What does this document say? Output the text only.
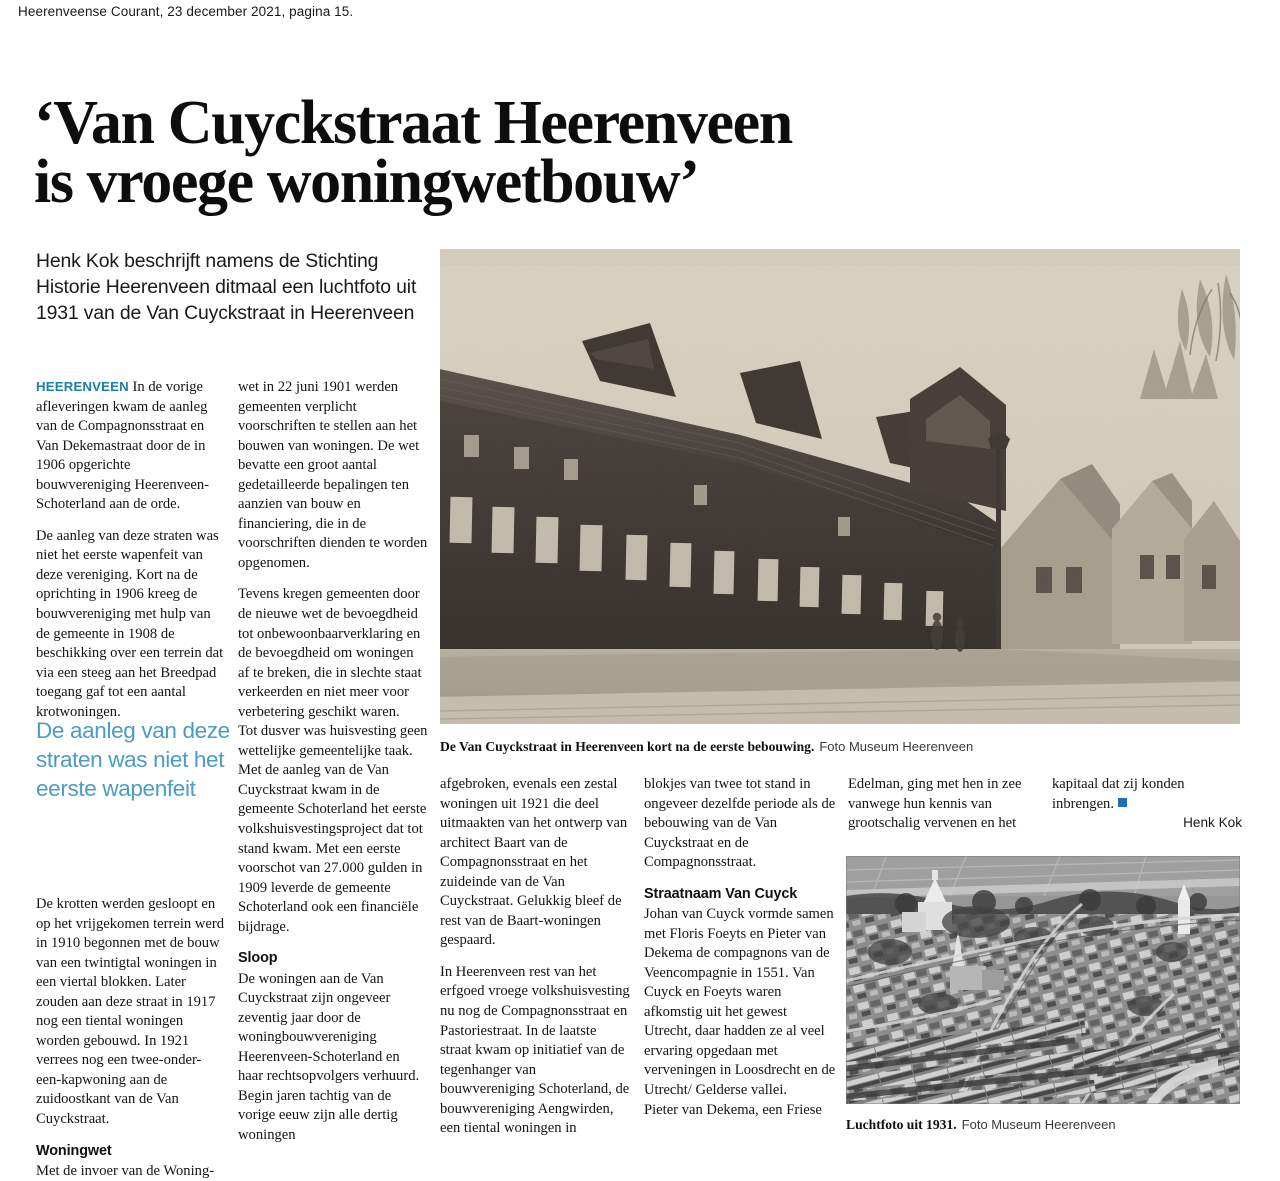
Heerenveense Courant, 23 december 2021, pagina 15.
‘Van Cuyckstraat Heerenveen
is vroege woningwetbouw’
Henk Kok beschrijft namens de Stichting Historie Heerenveen ditmaal een luchtfoto uit 1931 van de Van Cuyckstraat in Heerenveen

HEERENVEEN In de vorige afleveringen kwam de aanleg van de Compagnonsstraat en Van Dekemastraat door de in 1906 opgerichte bouwvereniging Heerenveen-Schoterland aan de orde.

De aanleg van deze straten was niet het eerste wapenfeit van deze vereniging. Kort na de oprichting in 1906 kreeg de bouwvereniging met hulp van de gemeente in 1908 de beschikking over een terrein dat via een steeg aan het Breedpad toegang gaf tot een aantal krotwoningen.

De aanleg van deze straten was niet het eerste wapenfeit

De krotten werden gesloopt en op het vrijgekomen terrein werd in 1910 begonnen met de bouw van een twintigtal woningen in een viertal blokken. Later zouden aan deze straat in 1917 nog een tiental woningen worden gebouwd. In 1921 verrees nog een twee-onder-een-kapwoning aan de zuidoostkant van de Van Cuyckstraat.

Woningwet
Met de invoer van de Woning-

wet in 22 juni 1901 werden gemeenten verplicht voorschriften te stellen aan het bouwen van woningen. De wet bevatte een groot aantal gedetailleerde bepalingen ten aanzien van bouw en financiering, die in de voorschriften dienden te worden opgenomen.

Tevens kregen gemeenten door de nieuwe wet de bevoegdheid tot onbewoonbaarverklaring en de bevoegdheid om woningen af te breken, die in slechte staat verkeerden en niet meer voor verbetering geschikt waren.

Tot dusver was huisvesting geen wettelijke gemeentelijke taak. Met de aanleg van de Van Cuyckstraat kwam in de gemeente Schoterland het eerste volkshuisvestingsproject dat tot stand kwam. Met een eerste voorschot van 27.000 gulden in 1909 leverde de gemeente Schoterland ook een financiële bijdrage.

Sloop
De woningen aan de Van Cuyckstraat zijn ongeveer zeventig jaar door de woningbouwvereniging Heerenveen-Schoterland en haar rechtsopvolgers verhuurd. Begin jaren tachtig van de vorige eeuw zijn alle dertig woningen

De Van Cuyckstraat in Heerenveen kort na de eerste bebouwing. Foto Museum Heerenveen

afgebroken, evenals een zestal woningen uit 1921 die deel uitmaakten van het ontwerp van architect Baart van de Compagnonsstraat en het zuideinde van de Van Cuyckstraat. Gelukkig bleef de rest van de Baart-woningen gespaard.

In Heerenveen rest van het erfgoed vroege volkshuisvesting nu nog de Compagnonsstraat en Pastoriestraat. In de laatste straat kwam op initiatief van de tegenhanger van bouwvereniging Schoterland, de bouwvereniging Aengwirden, een tiental woningen in

blokjes van twee tot stand in ongeveer dezelfde periode als de bebouwing van de Van Cuyckstraat en de Compagnonsstraat.

Straatnaam Van Cuyck
Johan van Cuyck vormde samen met Floris Foeyts en Pieter van Dekema de compagnons van de Veencompagnie in 1551. Van Cuyck en Foeyts waren afkomstig uit het gewest Utrecht, daar hadden ze al veel ervaring opgedaan met verveningen in Loosdrecht en de Utrecht/ Gelderse vallei.

Pieter van Dekema, een Friese

Edelman, ging met hen in zee vanwege hun kennis van grootschalig vervenen en het

kapitaal dat zij konden inbrengen.

Henk Kok
Luchtfoto uit 1931. Foto Museum Heerenveen
